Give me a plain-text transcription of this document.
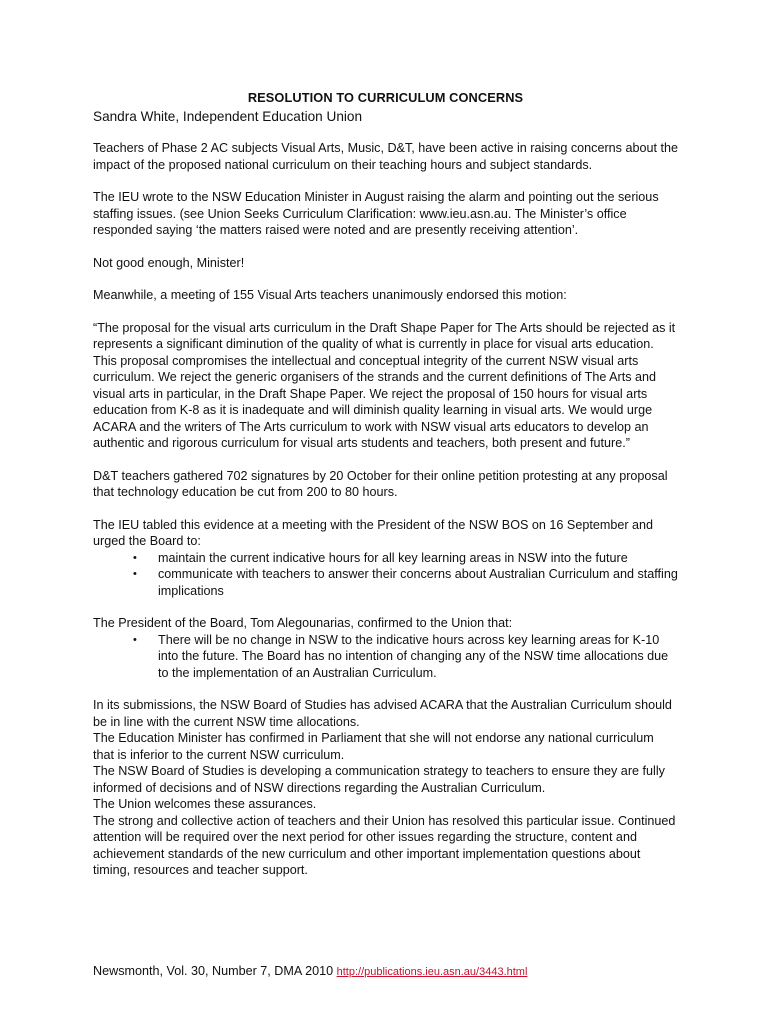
RESOLUTION TO CURRICULUM CONCERNS
Sandra White, Independent Education Union

Teachers of Phase 2 AC subjects Visual Arts, Music, D&T, have been active in raising concerns about the impact of the proposed national curriculum on their teaching hours and subject standards.

The IEU wrote to the NSW Education Minister in August raising the alarm and pointing out the serious staffing issues. (see Union Seeks Curriculum Clarification: www.ieu.asn.au. The Minister’s office responded saying ‘the matters raised were noted and are presently receiving attention’.

Not good enough, Minister!

Meanwhile, a meeting of 155 Visual Arts teachers unanimously endorsed this motion:

“The proposal for the visual arts curriculum in the Draft Shape Paper for The Arts should be rejected as it represents a significant diminution of the quality of what is currently in place for visual arts education. This proposal compromises the intellectual and conceptual integrity of the current NSW visual arts curriculum. We reject the generic organisers of the strands and the current definitions of The Arts and visual arts in particular, in the Draft Shape Paper. We reject the proposal of 150 hours for visual arts education from K-8 as it is inadequate and will diminish quality learning in visual arts. We would urge ACARA and the writers of The Arts curriculum to work with NSW visual arts educators to develop an authentic and rigorous curriculum for visual arts students and teachers, both present and future.”

D&T teachers gathered 702 signatures by 20 October for their online petition protesting at any proposal that technology education be cut from 200 to 80 hours.

The IEU tabled this evidence at a meeting with the President of the NSW BOS on 16 September and urged the Board to:

• maintain the current indicative hours for all key learning areas in NSW into the future
• communicate with teachers to answer their concerns about Australian Curriculum and staffing implications

The President of the Board, Tom Alegounarias, confirmed to the Union that:

• There will be no change in NSW to the indicative hours across key learning areas for K-10 into the future. The Board has no intention of changing any of the NSW time allocations due to the implementation of an Australian Curriculum.

In its submissions, the NSW Board of Studies has advised ACARA that the Australian Curriculum should be in line with the current NSW time allocations.

The Education Minister has confirmed in Parliament that she will not endorse any national curriculum that is inferior to the current NSW curriculum.

The NSW Board of Studies is developing a communication strategy to teachers to ensure they are fully informed of decisions and of NSW directions regarding the Australian Curriculum.

The Union welcomes these assurances.

The strong and collective action of teachers and their Union has resolved this particular issue. Continued attention will be required over the next period for other issues regarding the structure, content and achievement standards of the new curriculum and other important implementation questions about timing, resources and teacher support.

Newsmonth, Vol. 30, Number 7, DMA 2010 http://publications.ieu.asn.au/3443.html
